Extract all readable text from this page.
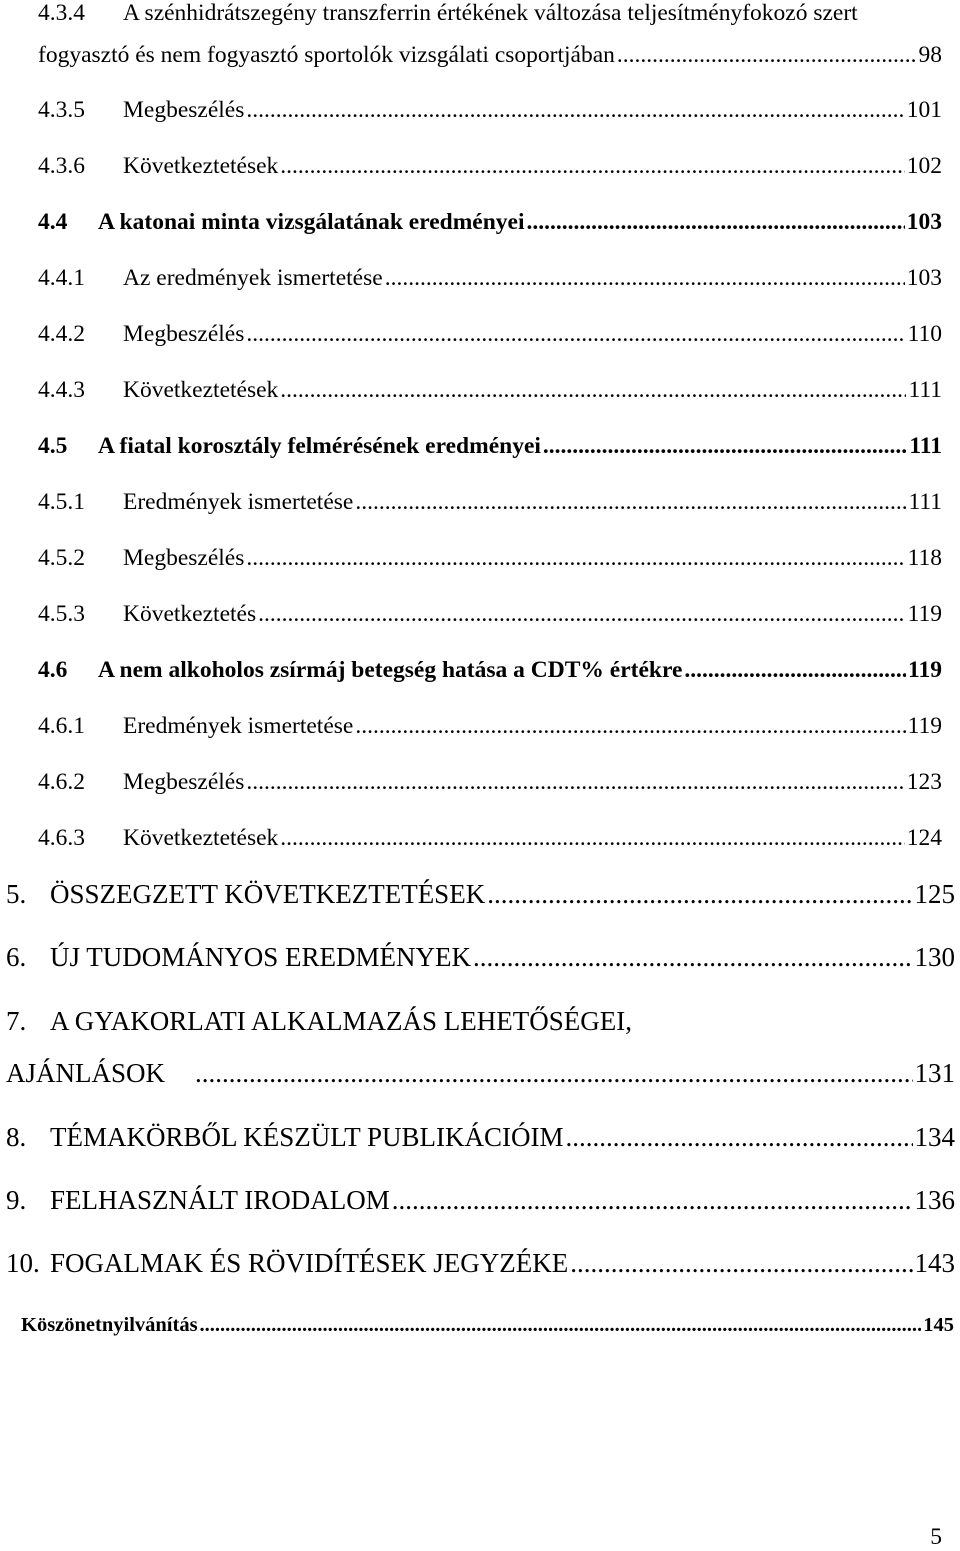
4.3.4 A szénhidrátszegény transzferrin értékének változása teljesítményfokozó szert
fogyasztó és nem fogyasztó sportolók vizsgálati csoportjában .....	98
4.3.5	Megbeszélés .....	101
4.3.6	Következtetések .....	102
4.4	A katonai minta vizsgálatának eredményei .....	103
4.4.1	Az eredmények ismertetése .....	103
4.4.2	Megbeszélés .....	110
4.4.3	Következtetések .....	111
4.5	A fiatal korosztály felmérésének eredményei .....	111
4.5.1	Eredmények ismertetése .....	111
4.5.2	Megbeszélés .....	118
4.5.3	Következtetés .....	119
4.6	A nem alkoholos zsírmáj betegség hatása a CDT% értékre .....	119
4.6.1	Eredmények ismertetése .....	119
4.6.2	Megbeszélés .....	123
4.6.3	Következtetések .....	124
5. ÖSSZEGZETT KÖVETKEZTETÉSEK .....	125
6. ÚJ TUDOMÁNYOS EREDMÉNYEK .....	130
7. A GYAKORLATI ALKALMAZÁS LEHETŐSÉGEI,
AJÁNLÁSOK .....	131
8. TÉMAKÖRBŐL KÉSZÜLT PUBLIKÁCIÓIM .....	134
9. FELHASZNÁLT IRODALOM .....	136
10. FOGALMAK ÉS RÖVIDÍTÉSEK JEGYZÉKE .....	143
Köszönetnyilvánítás .....	145
5
